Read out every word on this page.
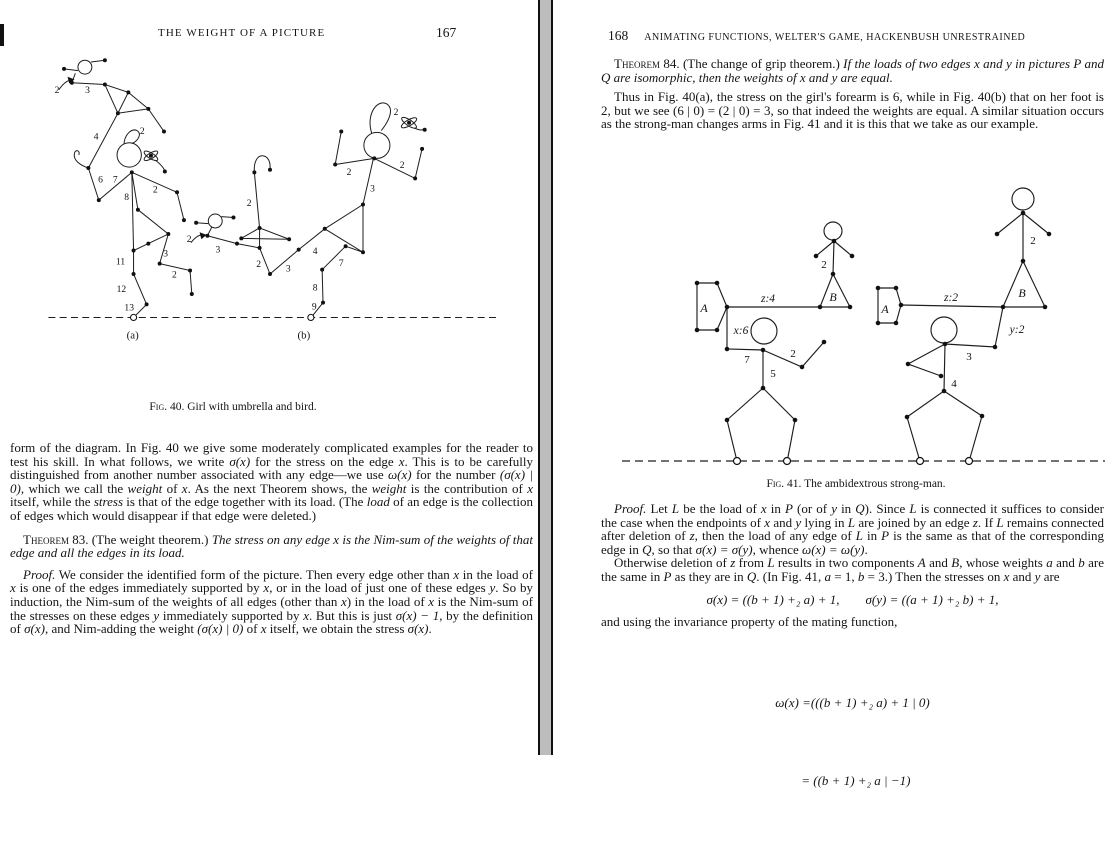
THE WEIGHT OF A PICTURE	167
2 3
4	2
6 7
2
8
3
11
2
12
13
(a)
2
3
2
2 3
4
7
8
9
3
2
2
2
(b)
Fig. 40. Girl with umbrella and bird.

form of the diagram. In Fig. 40 we give some moderately complicated examples for the reader to test his skill. In what follows, we write σ(x) for the stress on the edge x. This is to be carefully distinguished from another number associated with any edge—we use ω(x) for the number (σ(x) | 0), which we call the weight of x. As the next Theorem shows, the weight is the contribution of x itself, while the stress is that of the edge together with its load. (The load of an edge is the collection of edges which would disappear if that edge were deleted.)

Theorem 83. (The weight theorem.) The stress on any edge x is the Nim-sum of the weights of that edge and all the edges in its load.

Proof. We consider the identified form of the picture. Then every edge other than x in the load of x is one of the edges immediately supported by x, or in the load of just one of these edges y. So by induction, the Nim-sum of the weights of all edges (other than x) in the load of x is the Nim-sum of the stresses on these edges y immediately supported by x. But this is just σ(x) − 1, by the definition of σ(x), and Nim-adding the weight (σ(x) | 0) of x itself, we obtain the stress σ(x).

168 ANIMATING FUNCTIONS, WELTER'S GAME, HACKENBUSH UNRESTRAINED

Theorem 84. (The change of grip theorem.) If the loads of two edges x and y in pictures P and Q are isomorphic, then the weights of x and y are equal.

Thus in Fig. 40(a), the stress on the girl's forearm is 6, while in Fig. 40(b) that on her foot is 2, but we see (6 | 0) = (2 | 0) = 3, so that indeed the weights are equal. A similar situation occurs as the strong-man changes arms in Fig. 41 and it is this that we take as our example.

A
z:4
2
B
x:6
7	2
5
A
z:2
2
B
y:2
3
4
Fig. 41. The ambidextrous strong-man.

Proof. Let L be the load of x in P (or of y in Q). Since L is connected it suffices to consider the case when the endpoints of x and y lying in L are joined by an edge z. If L remains connected after deletion of z, then the load of any edge of L in P is the same as that of the corresponding edge in Q, so that σ(x) = σ(y), whence ω(x) = ω(y).

Otherwise deletion of z from L results in two components A and B, whose weights a and b are the same in P as they are in Q. (In Fig. 41, a = 1, b = 3.) Then the stresses on x and y are

σ(x) = ((b + 1) +₂ a) + 1,        σ(y) = ((a + 1) +₂ b) + 1,

and using the invariance property of the mating function,

ω(x) =(((b + 1) +₂ a) + 1 | 0)

= ((b + 1) +₂ a | −1)
